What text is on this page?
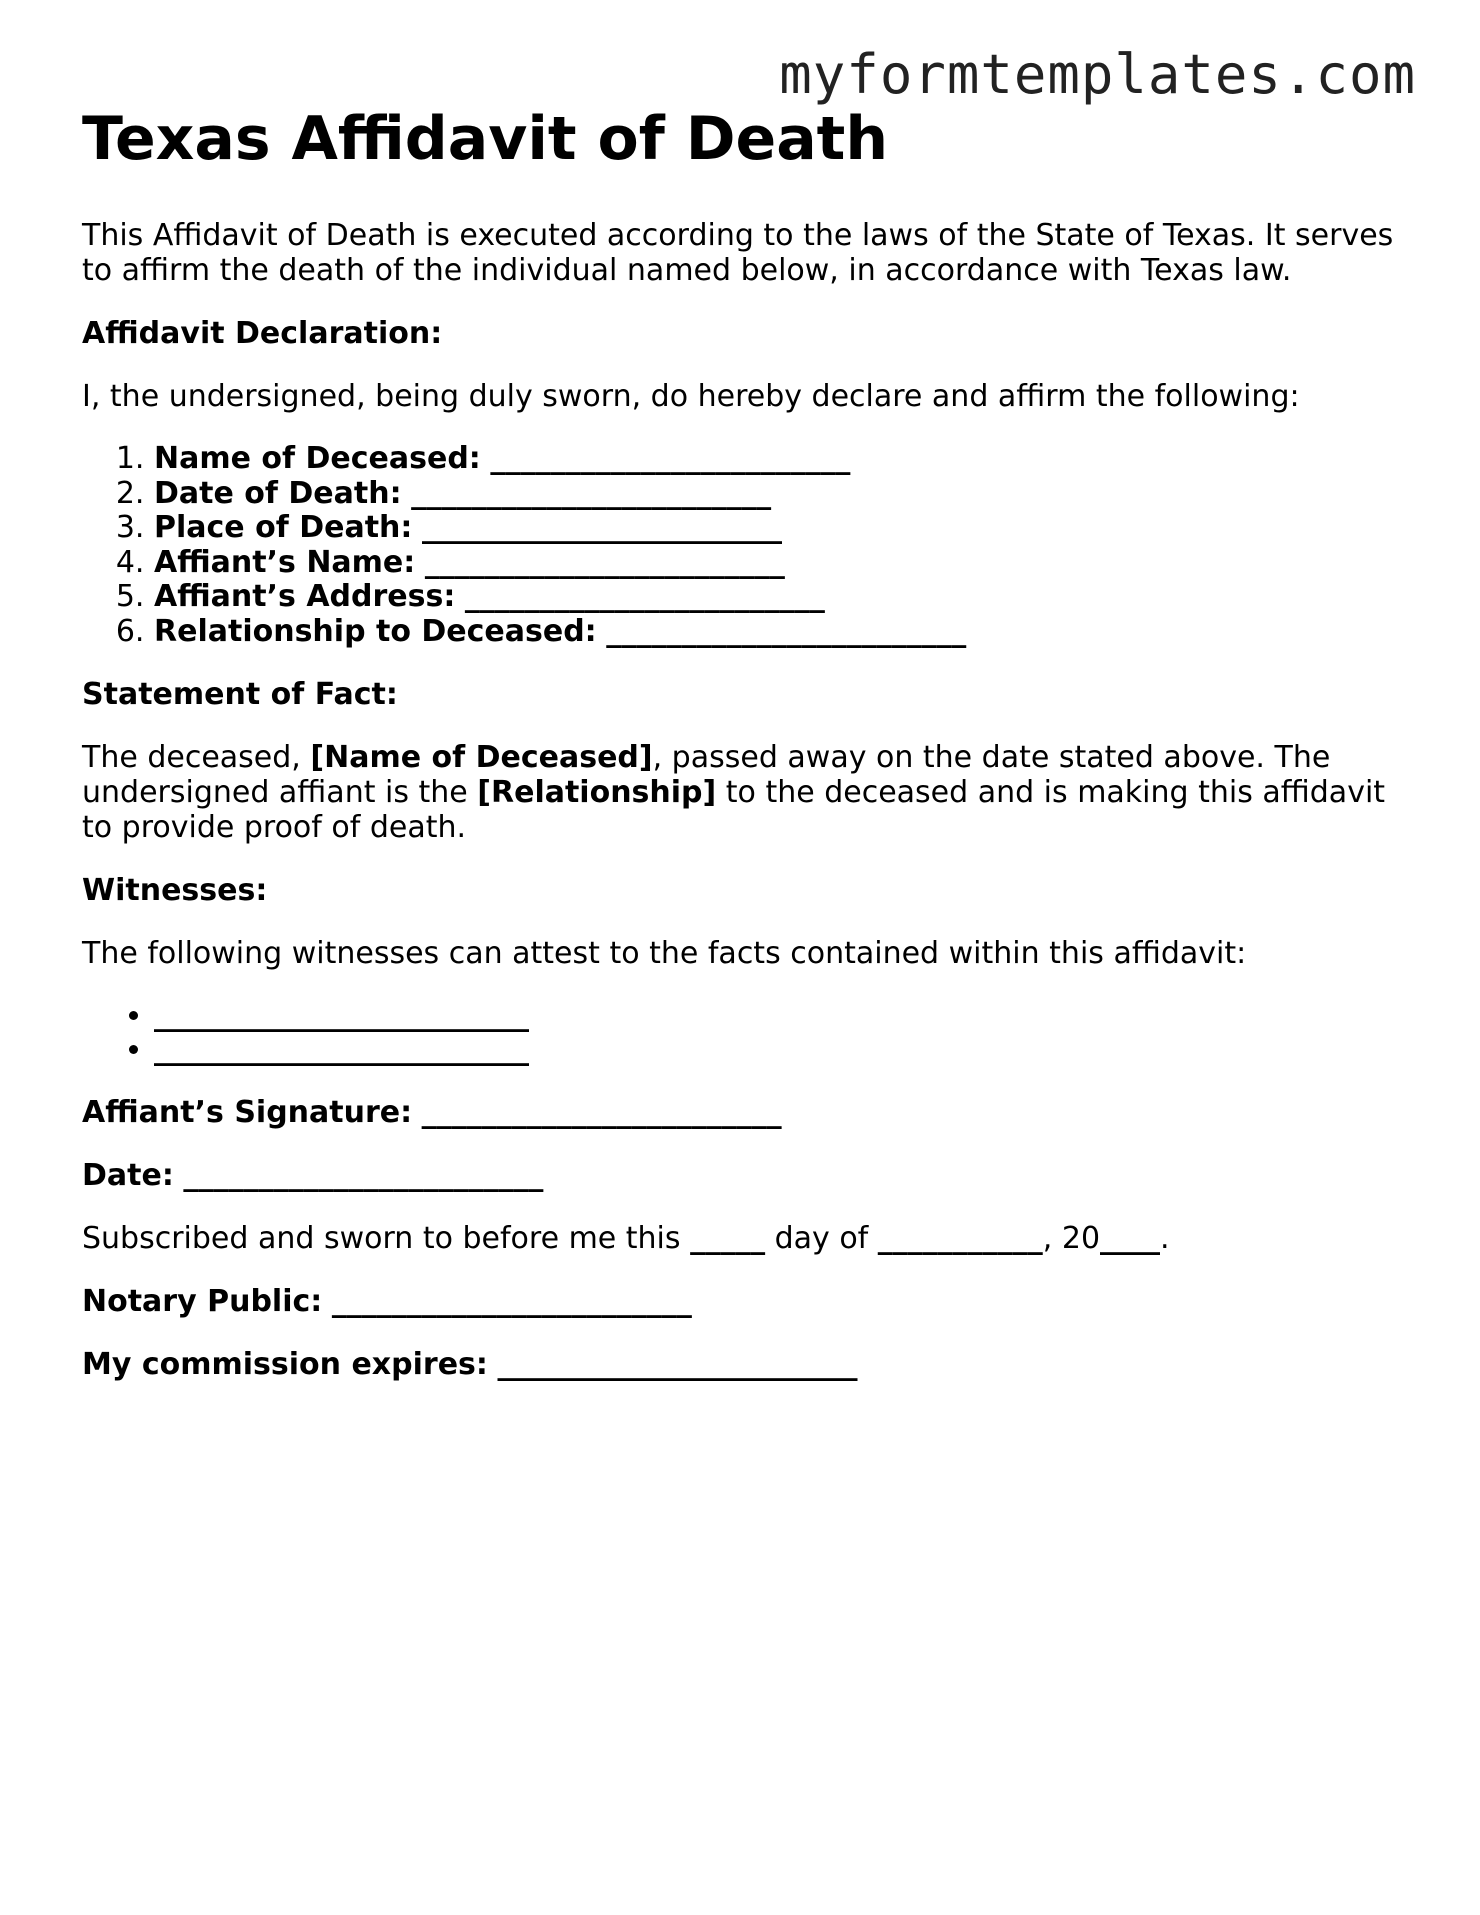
myformtemplates.com
Texas Affidavit of Death

This Affidavit of Death is executed according to the laws of the State of Texas. It serves to affirm the death of the individual named below, in accordance with Texas law.

Affidavit Declaration:

I, the undersigned, being duly sworn, do hereby declare and affirm the following:

1. Name of Deceased: ________________________
2. Date of Death: ________________________
3. Place of Death: ________________________
4. Affiant’s Name: ________________________
5. Affiant’s Address: ________________________
6. Relationship to Deceased: ________________________

Statement of Fact:

The deceased, [Name of Deceased], passed away on the date stated above. The undersigned affiant is the [Relationship] to the deceased and is making this affidavit to provide proof of death.

Witnesses:

The following witnesses can attest to the facts contained within this affidavit:

• _________________________
• _________________________

Affiant’s Signature: ________________________

Date: ________________________

Subscribed and sworn to before me this _____ day of ___________, 20____.

Notary Public: ________________________

My commission expires: ________________________
